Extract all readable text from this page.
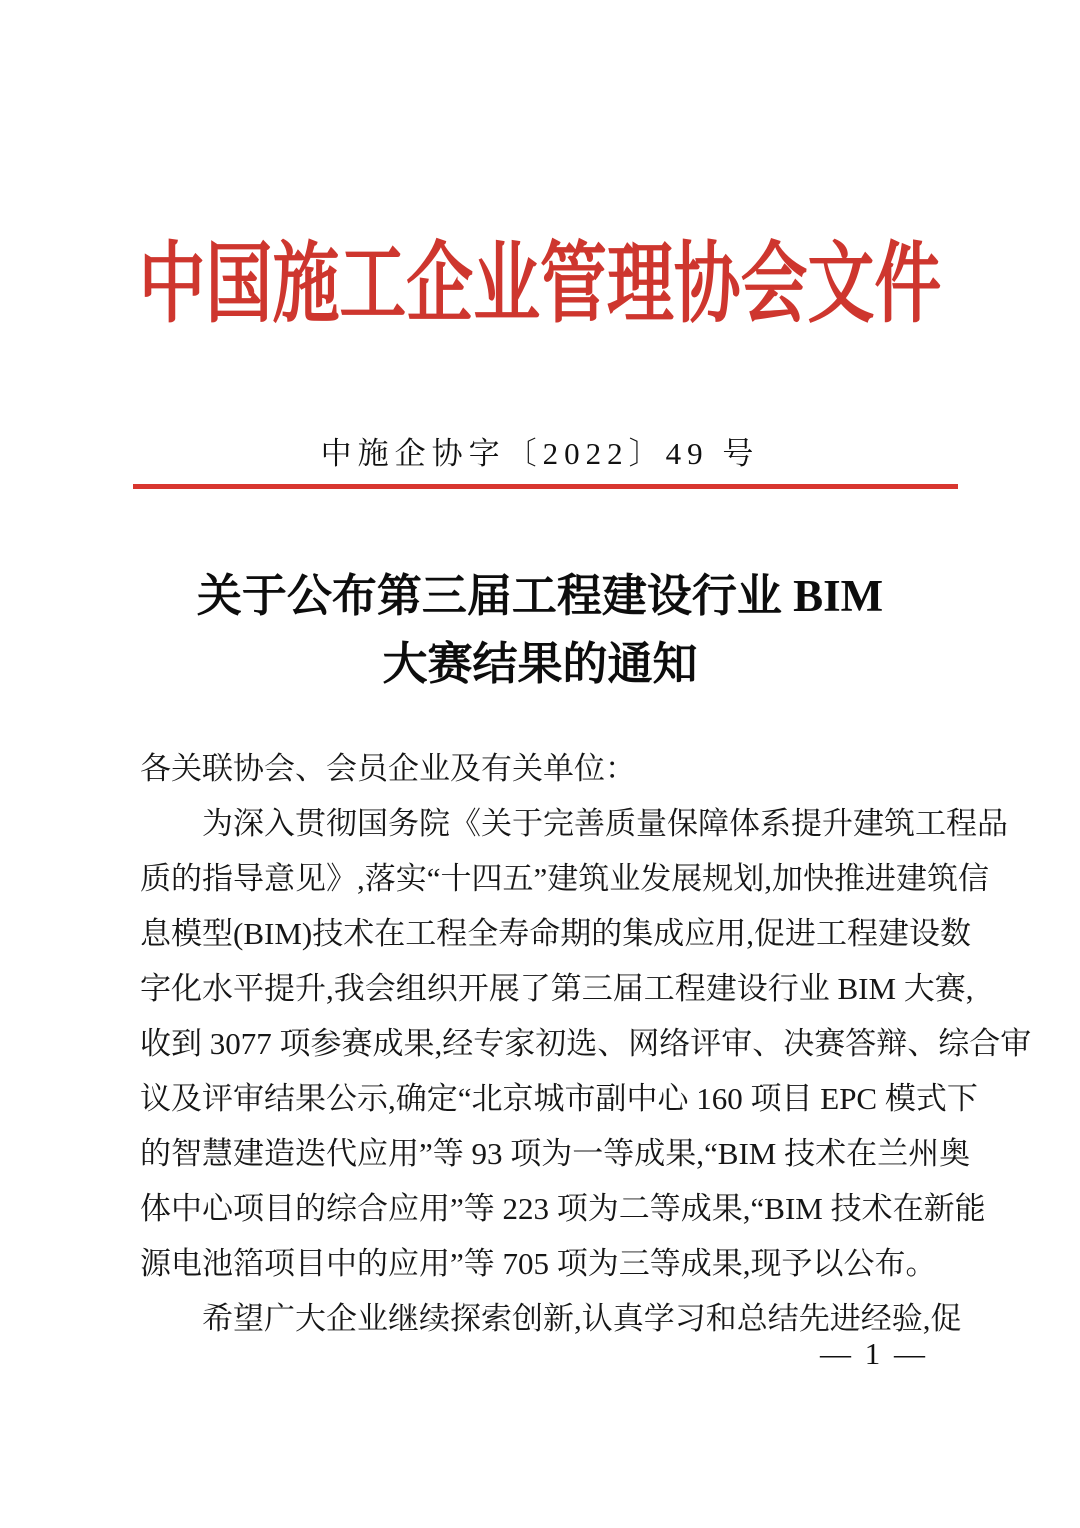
中国施工企业管理协会文件
中施企协字〔2022〕49 号
关于公布第三届工程建设行业 BIM
大赛结果的通知
各关联协会、会员企业及有关单位：
为深入贯彻国务院《关于完善质量保障体系提升建筑工程品
质的指导意见》,落实“十四五”建筑业发展规划,加快推进建筑信
息模型(BIM)技术在工程全寿命期的集成应用,促进工程建设数
字化水平提升,我会组织开展了第三届工程建设行业 BIM 大赛,
收到 3077 项参赛成果,经专家初选、网络评审、决赛答辩、综合审
议及评审结果公示,确定“北京城市副中心 160 项目 EPC 模式下
的智慧建造迭代应用”等 93 项为一等成果,“BIM 技术在兰州奥
体中心项目的综合应用”等 223 项为二等成果,“BIM 技术在新能
源电池箔项目中的应用”等 705 项为三等成果,现予以公布。
希望广大企业继续探索创新,认真学习和总结先进经验,促
— 1 —
